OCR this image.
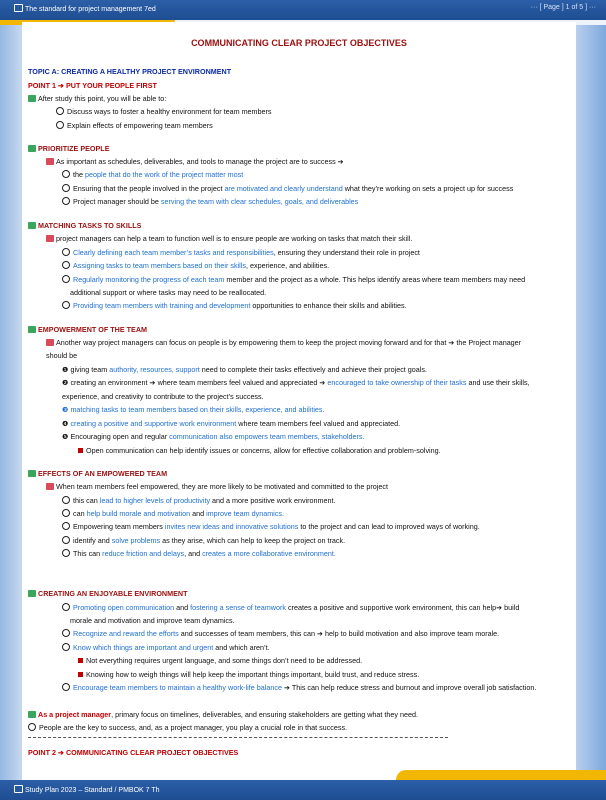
The standard for project management 7ed	··· [ Page ] 1 of 5 ] ···
Study Plan 2023 – Standard / PMBOK 7 Th
COMMUNICATING CLEAR PROJECT OBJECTIVES
TOPIC A: CREATING A HEALTHY PROJECT ENVIRONMENT
POINT 1 ➔ PUT YOUR PEOPLE FIRST
After study this point, you will be able to:
Discuss ways to foster a healthy environment for team members
Explain effects of empowering team members
PRIORITIZE PEOPLE
As important as schedules, deliverables, and tools to manage the project are to success ➔
the people that do the work of the project matter most
Ensuring that the people involved in the project are motivated and clearly understand what they’re working on sets a project up for success
Project manager should be serving the team with clear schedules, goals, and deliverables
MATCHING TASKS TO SKILLS
project managers can help a team to function well is to ensure people are working on tasks that match their skill.
Clearly defining each team member’s tasks and responsibilities, ensuring they understand their role in project
Assigning tasks to team members based on their skills, experience, and abilities.
Regularly monitoring the progress of each team member and the project as a whole. This helps identify areas where team members may need
additional support or where tasks may need to be reallocated.
Providing team members with training and development opportunities to enhance their skills and abilities.
EMPOWERMENT OF THE TEAM
Another way project managers can focus on people is by empowering them to keep the project moving forward and for that ➔ the Project manager
should be
❶ giving team authority, resources, support need to complete their tasks effectively and achieve their project goals.
❷ creating an environment ➔ where team members feel valued and appreciated ➔ encouraged to take ownership of their tasks and use their skills,
experience, and creativity to contribute to the project’s success.
❸ matching tasks to team members based on their skills, experience, and abilities.
❹ creating a positive and supportive work environment where team members feel valued and appreciated.
❺ Encouraging open and regular communication also empowers team members, stakeholders.
Open communication can help identify issues or concerns, allow for effective collaboration and problem-solving.
EFFECTS OF AN EMPOWERED TEAM
When team members feel empowered, they are more likely to be motivated and committed to the project
this can lead to higher levels of productivity and a more positive work environment.
can help build morale and motivation and improve team dynamics.
Empowering team members invites new ideas and innovative solutions to the project and can lead to improved ways of working.
identify and solve problems as they arise, which can help to keep the project on track.
This can reduce friction and delays, and creates a more collaborative environment.
CREATING AN ENJOYABLE ENVIRONMENT
Promoting open communication and fostering a sense of teamwork creates a positive and supportive work environment, this can help➔ build
morale and motivation and improve team dynamics.
Recognize and reward the efforts and successes of team members, this can ➔ help to build motivation and also improve team morale.
Know which things are important and urgent and which aren’t.
Not everything requires urgent language, and some things don’t need to be addressed.
Knowing how to weigh things will help keep the important things important, build trust, and reduce stress.
Encourage team members to maintain a healthy work-life balance ➔ This can help reduce stress and burnout and improve overall job satisfaction.
As a project manager, primary focus on timelines, deliverables, and ensuring stakeholders are getting what they need.
People are the key to success, and, as a project manager, you play a crucial role in that success.
POINT 2 ➔ COMMUNICATING CLEAR PROJECT OBJECTIVES
